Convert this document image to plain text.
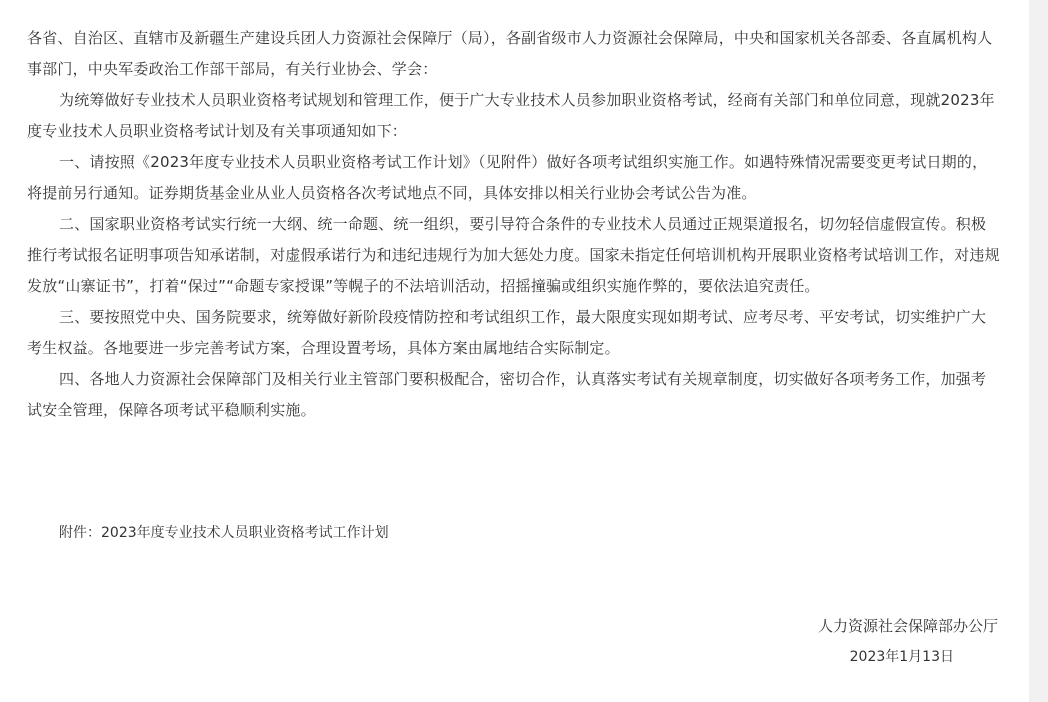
各省、自治区、直辖市及新疆生产建设兵团人力资源社会保障厅（局），各副省级市人力资源社会保障局，中央和国家机关各部委、各直属机构人事部门，中央军委政治工作部干部局，有关行业协会、学会：

为统筹做好专业技术人员职业资格考试规划和管理工作，便于广大专业技术人员参加职业资格考试，经商有关部门和单位同意，现就2023年度专业技术人员职业资格考试计划及有关事项通知如下：

一、请按照《2023年度专业技术人员职业资格考试工作计划》（见附件）做好各项考试组织实施工作。如遇特殊情况需要变更考试日期的，将提前另行通知。证券期货基金业从业人员资格各次考试地点不同，具体安排以相关行业协会考试公告为准。

二、国家职业资格考试实行统一大纲、统一命题、统一组织，要引导符合条件的专业技术人员通过正规渠道报名，切勿轻信虚假宣传。积极推行考试报名证明事项告知承诺制，对虚假承诺行为和违纪违规行为加大惩处力度。国家未指定任何培训机构开展职业资格考试培训工作，对违规发放“山寨证书”，打着“保过”“命题专家授课”等幌子的不法培训活动，招摇撞骗或组织实施作弊的，要依法追究责任。

三、要按照党中央、国务院要求，统筹做好新阶段疫情防控和考试组织工作，最大限度实现如期考试、应考尽考、平安考试，切实维护广大考生权益。各地要进一步完善考试方案，合理设置考场，具体方案由属地结合实际制定。

四、各地人力资源社会保障部门及相关行业主管部门要积极配合，密切合作，认真落实考试有关规章制度，切实做好各项考务工作，加强考试安全管理，保障各项考试平稳顺利实施。

附件：2023年度专业技术人员职业资格考试工作计划
人力资源社会保障部办公厅
2023年1月13日
